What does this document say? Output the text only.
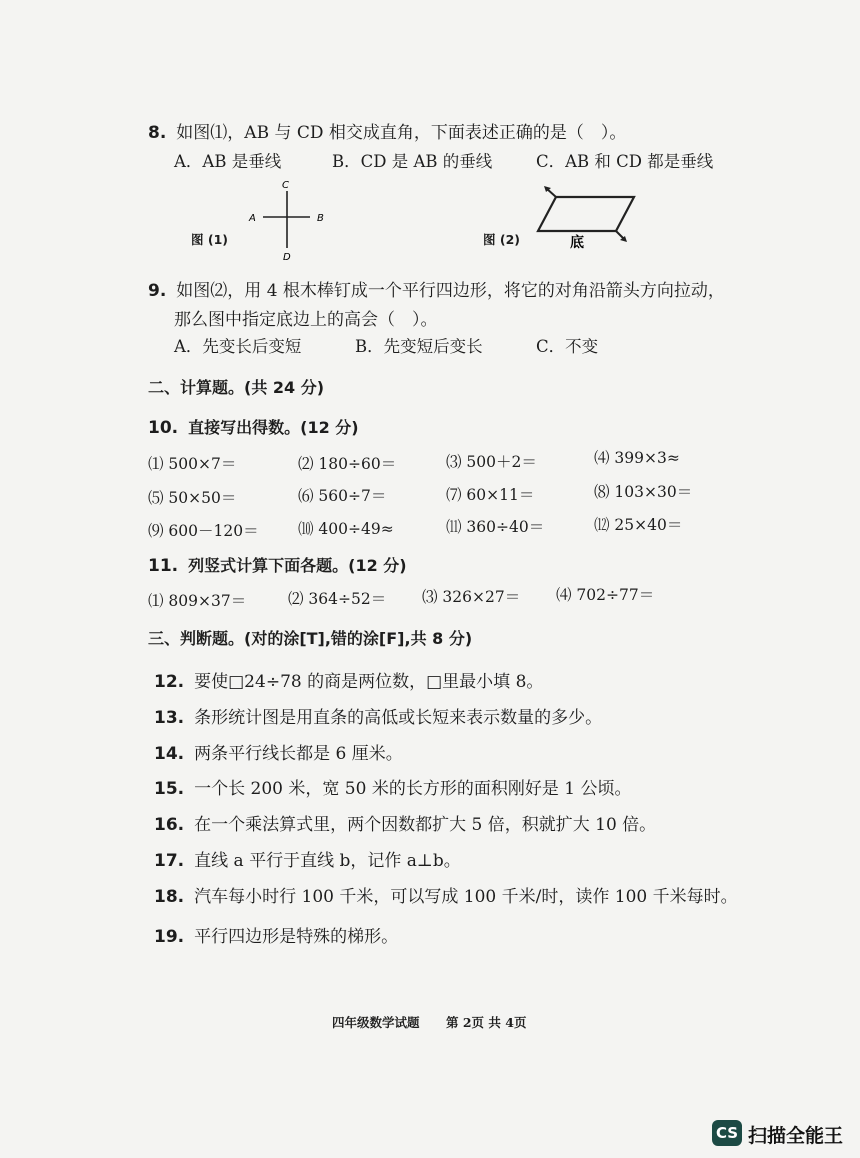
8. 如图⑴，AB 与 CD 相交成直角，下面表述正确的是（　）。
A．AB 是垂线	B．CD 是 AB 的垂线	C．AB 和 CD 都是垂线
图 (1)
C
A	B
D
图 (2)	底
9. 如图⑵，用 4 根木棒钉成一个平行四边形，将它的对角沿箭头方向拉动，
那么图中指定底边上的高会（　）。
A．先变长后变短	B．先变短后变长	C．不变
二、计算题。(共 24 分)
10. 直接写出得数。(12 分)
⑴ 500×7＝	⑵ 180÷60＝	⑶ 500＋2＝	⑷ 399×3≈
⑸ 50×50＝	⑹ 560÷7＝	⑺ 60×11＝	⑻ 103×30＝
⑼ 600－120＝	⑽ 400÷49≈	⑾ 360÷40＝	⑿ 25×40＝
11. 列竖式计算下面各题。(12 分)
⑴ 809×37＝	⑵ 364÷52＝ ⑶ 326×27＝ ⑷ 702÷77＝
三、判断题。(对的涂[T],错的涂[F],共 8 分)
12. 要使□24÷78 的商是两位数，□里最小填 8。
13. 条形统计图是用直条的高低或长短来表示数量的多少。
14. 两条平行线长都是 6 厘米。
15. 一个长 200 米，宽 50 米的长方形的面积刚好是 1 公顷。
16. 在一个乘法算式里，两个因数都扩大 5 倍，积就扩大 10 倍。
17. 直线 a 平行于直线 b，记作 a⊥b。
18. 汽车每小时行 100 千米，可以写成 100 千米/时，读作 100 千米每时。
19. 平行四边形是特殊的梯形。
四年级数学试题 第 2页 共 4页
CS 扫描全能王
